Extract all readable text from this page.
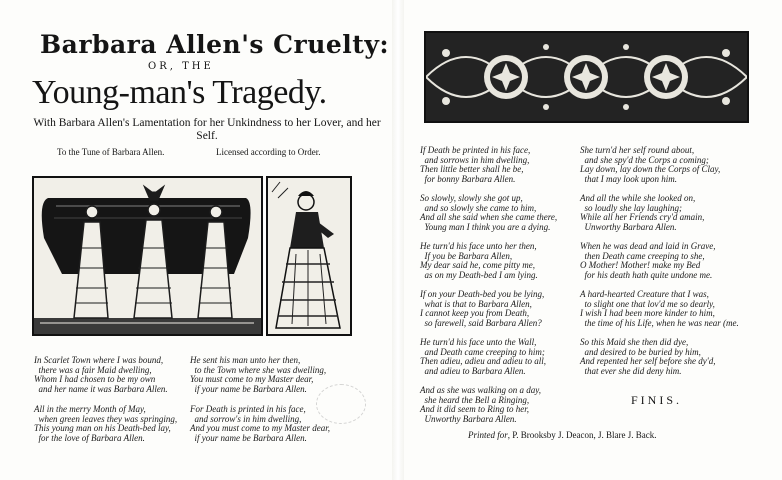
Barbara Allen's Cruelty:
OR, THE
Young-man's Tragedy.
With Barbara Allen's Lamentation for her Unkindness to her Lover, and her Self.
To the Tune of Barbara Allen.	Licensed according to Order.
In Scarlet Town where I was bound,
there was a fair Maid dwelling,
Whom I had chosen to be my own
and her name it was Barbara Allen.
All in the merry Month of May,
when green leaves they was springing,
This young man on his Death-bed lay,
for the love of Barbara Allen.
He sent his man unto her then,
to the Town where she was dwelling,
You must come to my Master dear,
if your name be Barbara Allen.
For Death is printed in his face,
and sorrow's in him dwelling,
And you must come to my Master dear,
if your name be Barbara Allen.
If Death be printed in his face,
and sorrows in him dwelling,
Then little better shall he be,
for bonny Barbara Allen.
So slowly, slowly she got up,
and so slowly she came to him,
And all she said when she came there,
Young man I think you are a dying.
He turn'd his face unto her then,
If you be Barbara Allen,
My dear said he, come pitty me,
as on my Death-bed I am lying.
If on your Death-bed you be lying,
what is that to Barbara Allen,
I cannot keep you from Death,
so farewell, said Barbara Allen?
He turn'd his face unto the Wall,
and Death came creeping to him;
Then adieu, adieu and adieu to all,
and adieu to Barbara Allen.
And as she was walking on a day,
she heard the Bell a Ringing,
And it did seem to Ring to her,
Unworthy Barbara Allen.
She turn'd her self round about,
and she spy'd the Corps a coming;
Lay down, lay down the Corps of Clay,
that I may look upon him.
And all the while she looked on,
so loudly she lay laughing;
While all her Friends cry'd amain,
Unworthy Barbara Allen.
When he was dead and laid in Grave,
then Death came creeping to she,
O Mother! Mother! make my Bed
for his death hath quite undone me.
A hard-hearted Creature that I was,
to slight one that lov'd me so dearly,
I wish I had been more kinder to him,
the time of his Life, when he was near (me.
So this Maid she then did dye,
and desired to be buried by him,
And repented her self before she dy'd,
that ever she did deny him.
FINIS.
Printed for, P. Brooksby J. Deacon, J. Blare J. Back.
